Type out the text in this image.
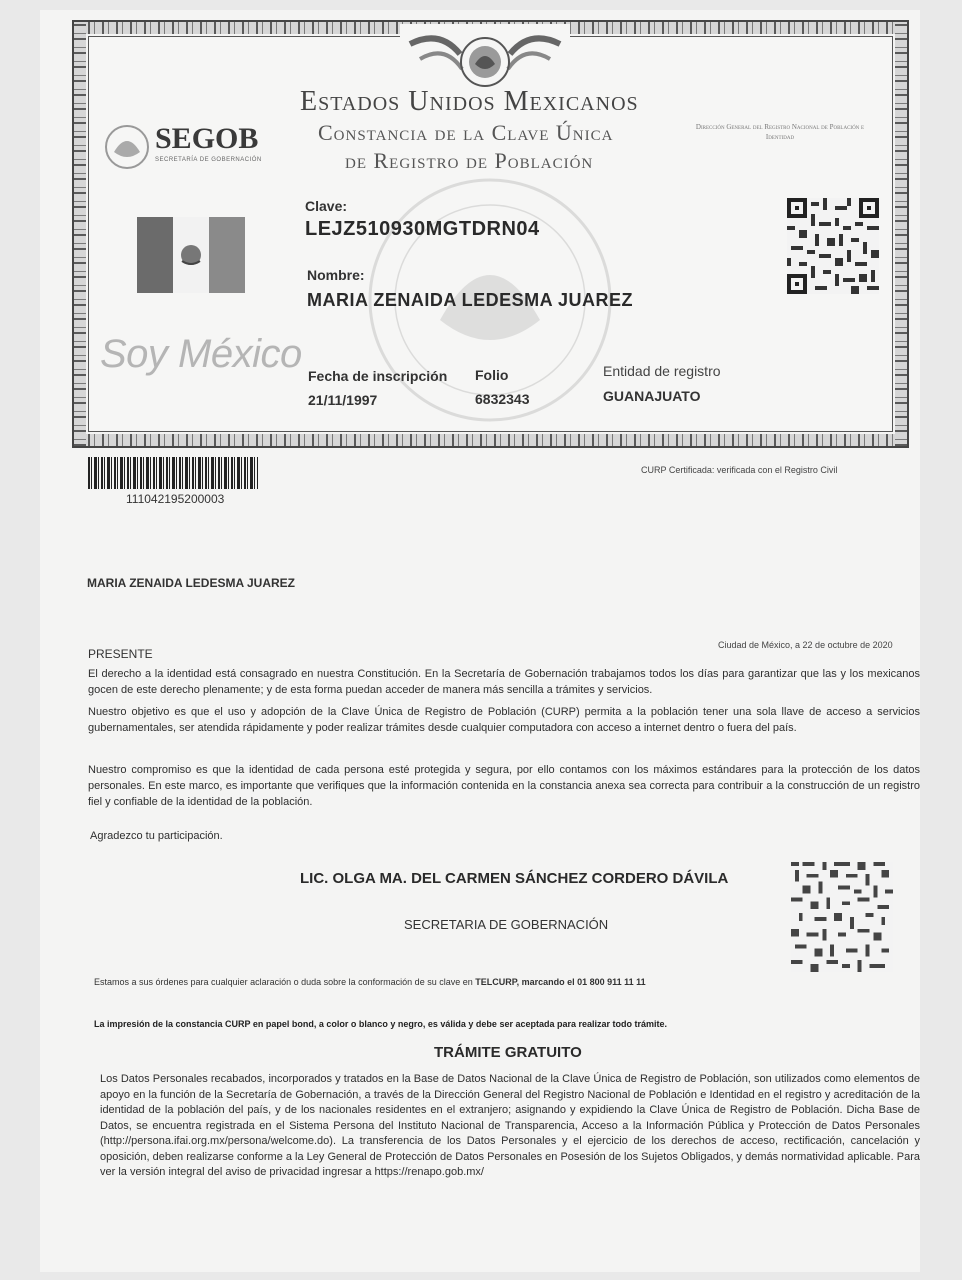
SEGOB
SECRETARÍA DE GOBERNACIÓN
Estados Unidos Mexicanos
Constancia de la Clave Única
de Registro de Población
Dirección General del Registro Nacional de Población e Identidad
Clave:
LEJZ510930MGTDRN04
Nombre:
MARIA ZENAIDA LEDESMA JUAREZ
Soy México Fecha de inscripción
21/11/1997
Folio
6832343
Entidad de registro
GUANAJUATO
111042195200003
CURP Certificada: verificada con el Registro Civil
MARIA ZENAIDA LEDESMA JUAREZ
Ciudad de México, a 22 de octubre de 2020
PRESENTE
El derecho a la identidad está consagrado en nuestra Constitución. En la Secretaría de Gobernación trabajamos todos los días para garantizar que las y los mexicanos gocen de este derecho plenamente; y de esta forma puedan acceder de manera más sencilla a trámites y servicios.
Nuestro objetivo es que el uso y adopción de la Clave Única de Registro de Población (CURP) permita a la población tener una sola llave de acceso a servicios gubernamentales, ser atendida rápidamente y poder realizar trámites desde cualquier computadora con acceso a internet dentro o fuera del país.
Nuestro compromiso es que la identidad de cada persona esté protegida y segura, por ello contamos con los máximos estándares para la protección de los datos personales. En este marco, es importante que verifiques que la información contenida en la constancia anexa sea correcta para contribuir a la construcción de un registro fiel y confiable de la identidad de la población.
Agradezco tu participación.
LIC. OLGA MA. DEL CARMEN SÁNCHEZ CORDERO DÁVILA
SECRETARIA DE GOBERNACIÓN
Estamos a sus órdenes para cualquier aclaración o duda sobre la conformación de su clave en TELCURP, marcando el 01 800 911 11 11
La impresión de la constancia CURP en papel bond, a color o blanco y negro, es válida y debe ser aceptada para realizar todo trámite.
TRÁMITE GRATUITO
Los Datos Personales recabados, incorporados y tratados en la Base de Datos Nacional de la Clave Única de Registro de Población, son utilizados como elementos de apoyo en la función de la Secretaría de Gobernación, a través de la Dirección General del Registro Nacional de Población e Identidad en el registro y acreditación de la identidad de la población del país, y de los nacionales residentes en el extranjero; asignando y expidiendo la Clave Única de Registro de Población. Dicha Base de Datos, se encuentra registrada en el Sistema Persona del Instituto Nacional de Transparencia, Acceso a la Información Pública y Protección de Datos Personales (http://persona.ifai.org.mx/persona/welcome.do). La transferencia de los Datos Personales y el ejercicio de los derechos de acceso, rectificación, cancelación y oposición, deben realizarse conforme a la Ley General de Protección de Datos Personales en Posesión de los Sujetos Obligados, y demás normatividad aplicable. Para ver la versión integral del aviso de privacidad ingresar a https://renapo.gob.mx/
